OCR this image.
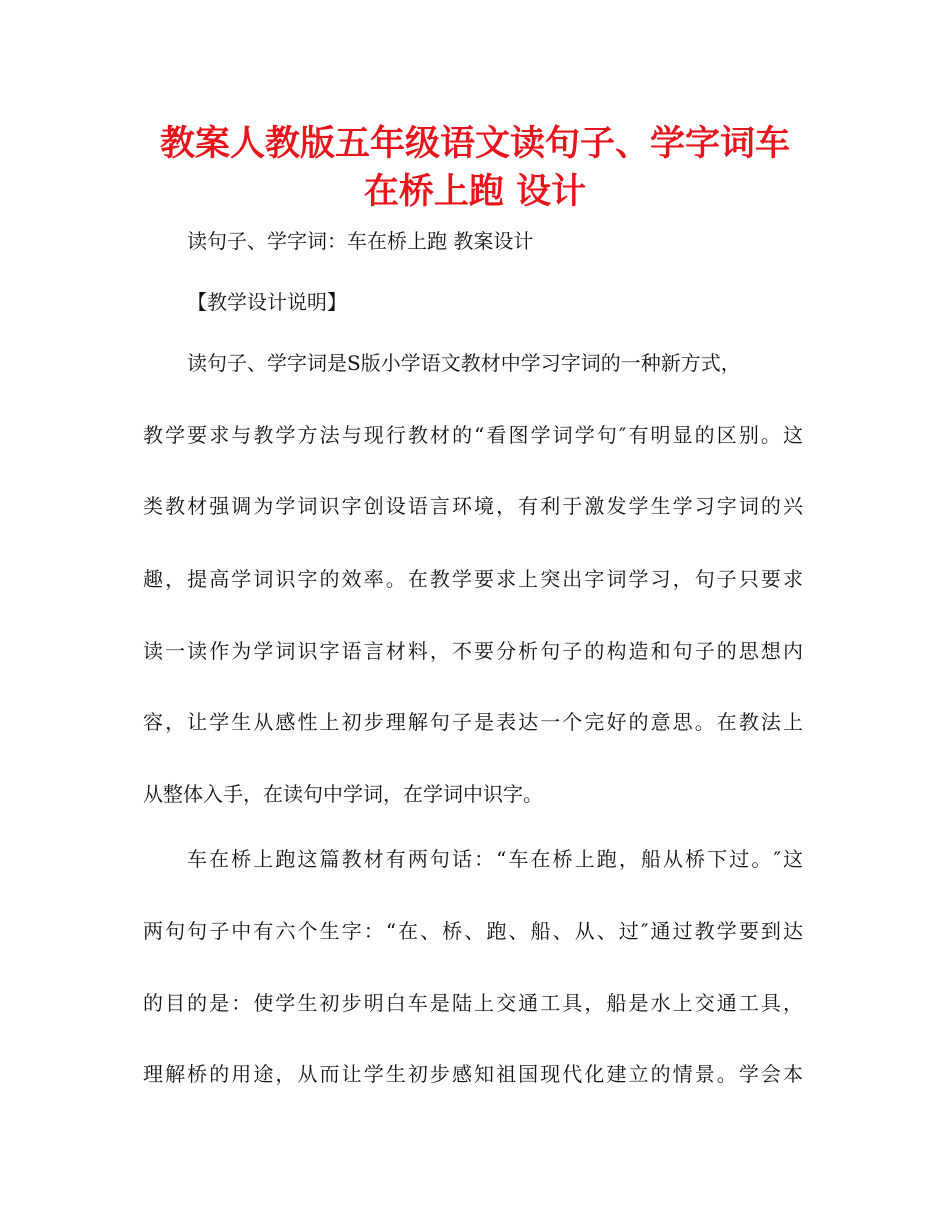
教案人教版五年级语文读句子、学字词车
在桥上跑 设计
读句子、学字词：车在桥上跑 教案设计
【教学设计说明】
读句子、学字词是S版小学语文教材中学习字词的一种新方式，
教学要求与教学方法与现行教材的“看图学词学句″有明显的区别。这
类教材强调为学词识字创设语言环境，有利于激发学生学习字词的兴
趣，提高学词识字的效率。在教学要求上突出字词学习，句子只要求
读一读作为学词识字语言材料，不要分析句子的构造和句子的思想内
容，让学生从感性上初步理解句子是表达一个完好的意思。在教法上
从整体入手，在读句中学词，在学词中识字。
车在桥上跑这篇教材有两句话：“车在桥上跑，船从桥下过。″这
两句句子中有六个生字：“在、桥、跑、船、从、过″通过教学要到达
的目的是：使学生初步明白车是陆上交通工具，船是水上交通工具，
理解桥的用途，从而让学生初步感知祖国现代化建立的情景。学会本
